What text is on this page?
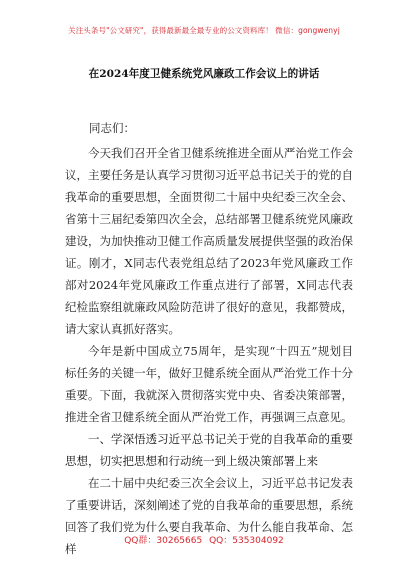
关注头条号"公文研究"，获得最新最全最专业的公文资料库！ 微信：gongwenyj
在2024年度卫健系统党风廉政工作会议上的讲话
同志们：

今天我们召开全省卫健系统推进全面从严治党工作会议，主要任务是认真学习贯彻习近平总书记关于的党的自我革命的重要思想，全面贯彻二十届中央纪委三次全会、省第十三届纪委第四次全会，总结部署卫健系统党风廉政建设，为加快推动卫健工作高质量发展提供坚强的政治保证。刚才，X同志代表党组总结了2023年党风廉政工作部对2024年党风廉政工作重点进行了部署，X同志代表纪检监察组就廉政风险防范讲了很好的意见，我都赞成，请大家认真抓好落实。

今年是新中国成立75周年，是实现“十四五”规划目标任务的关键一年，做好卫健系统全面从严治党工作十分重要。下面，我就深入贯彻落实党中央、省委决策部署，推进全省卫健系统全面从严治党工作，再强调三点意见。

一、学深悟透习近平总书记关于党的自我革命的重要思想，切实把思想和行动统一到上级决策部署上来

在二十届中央纪委三次全会议上，习近平总书记发表了重要讲话，深刻阐述了党的自我革命的重要思想，系统回答了我们党为什么要自我革命、为什么能自我革命、怎样

QQ群：30265665 QQ：535304092
